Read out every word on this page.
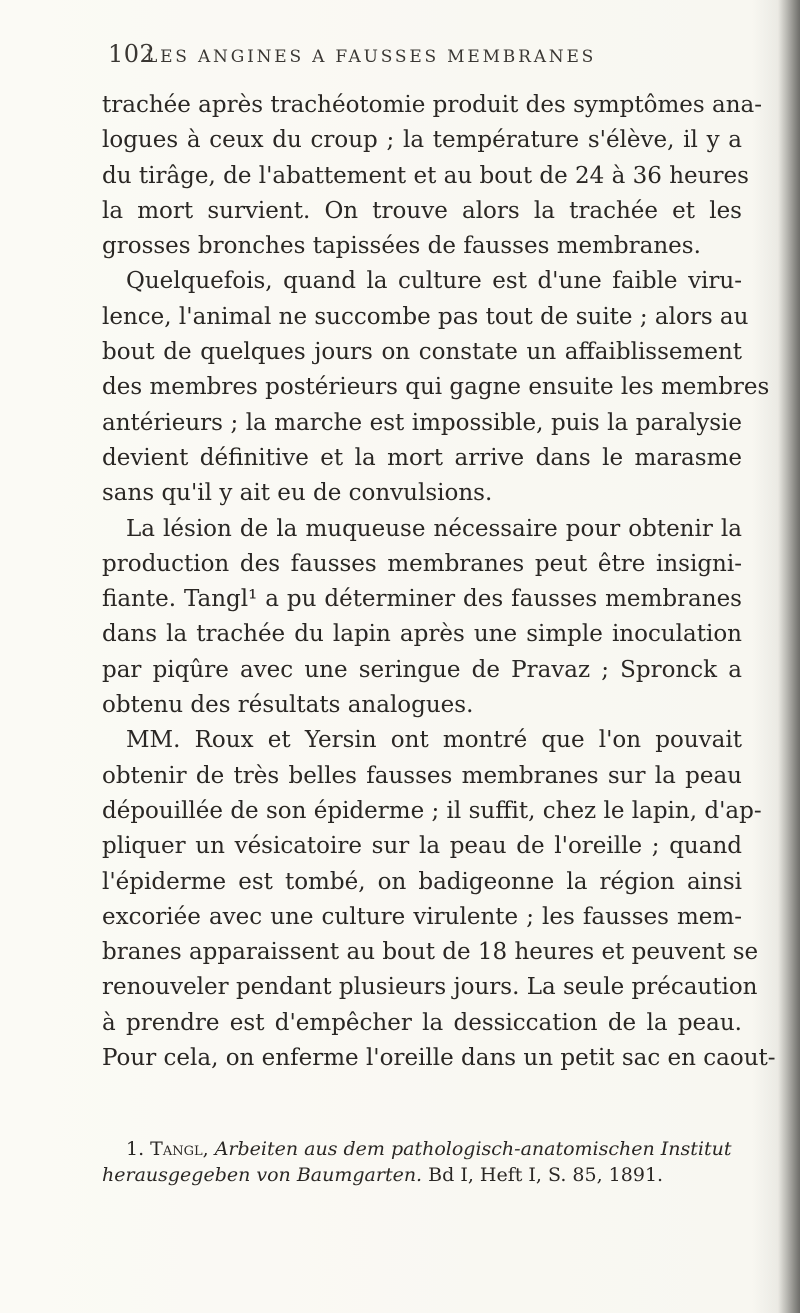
102
LES ANGINES A FAUSSES MEMBRANES
trachée après trachéotomie produit des symptômes ana-
logues à ceux du croup ; la température s'élève, il y a
du tirâge, de l'abattement et au bout de 24 à 36 heures
la mort survient. On trouve alors la trachée et les
grosses bronches tapissées de fausses membranes.
Quelquefois, quand la culture est d'une faible viru-
lence, l'animal ne succombe pas tout de suite ; alors au
bout de quelques jours on constate un affaiblissement
des membres postérieurs qui gagne ensuite les membres
antérieurs ; la marche est impossible, puis la paralysie
devient définitive et la mort arrive dans le marasme
sans qu'il y ait eu de convulsions.
La lésion de la muqueuse nécessaire pour obtenir la
production des fausses membranes peut être insigni-
fiante. Tangl¹ a pu déterminer des fausses membranes
dans la trachée du lapin après une simple inoculation
par piqûre avec une seringue de Pravaz ; Spronck a
obtenu des résultats analogues.
MM. Roux et Yersin ont montré que l'on pouvait
obtenir de très belles fausses membranes sur la peau
dépouillée de son épiderme ; il suffit, chez le lapin, d'ap-
pliquer un vésicatoire sur la peau de l'oreille ; quand
l'épiderme est tombé, on badigeonne la région ainsi
excoriée avec une culture virulente ; les fausses mem-
branes apparaissent au bout de 18 heures et peuvent se
renouveler pendant plusieurs jours. La seule précaution
à prendre est d'empêcher la dessiccation de la peau.
Pour cela, on enferme l'oreille dans un petit sac en caout-
1. Tangl, Arbeiten aus dem pathologisch-anatomischen Institut
herausgegeben von Baumgarten. Bd I, Heft I, S. 85, 1891.
